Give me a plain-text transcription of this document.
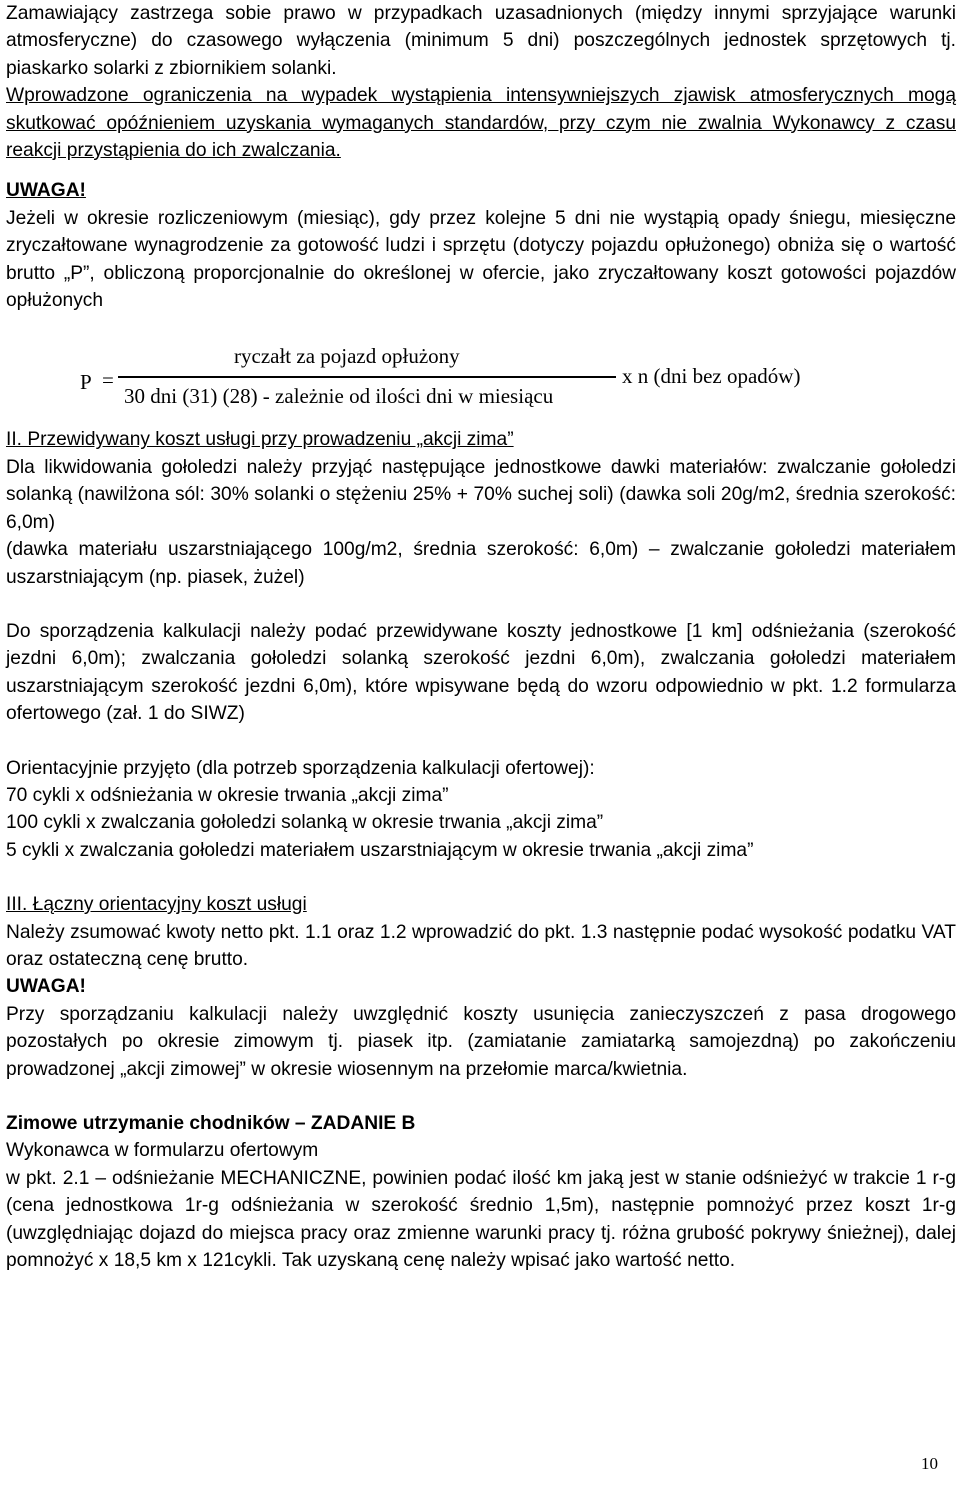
Zamawiający zastrzega sobie prawo w przypadkach uzasadnionych (między innymi sprzyjające warunki atmosferyczne) do czasowego wyłączenia (minimum 5 dni) poszczególnych jednostek sprzętowych tj. piaskarko solarki z zbiornikiem solanki.

Wprowadzone ograniczenia na wypadek wystąpienia intensywniejszych zjawisk atmosferycznych mogą skutkować opóźnieniem uzyskania wymaganych standardów, przy czym nie zwalnia Wykonawcy z czasu reakcji przystąpienia do ich zwalczania.

UWAGA!

Jeżeli w okresie rozliczeniowym (miesiąc), gdy przez kolejne 5 dni nie wystąpią opady śniegu, miesięczne zryczałtowane wynagrodzenie za gotowość ludzi i sprzętu (dotyczy pojazdu opłużonego) obniża się o wartość brutto „P”, obliczoną proporcjonalnie do określonej w ofercie, jako zryczałtowany koszt gotowości pojazdów opłużonych

P =
ryczałt za pojazd opłużony
30 dni (31) (28) - zależnie od ilości dni w miesiącu
x n (dni bez opadów)

II. Przewidywany koszt usługi przy prowadzeniu „akcji zima”

Dla likwidowania gołoledzi należy przyjąć następujące jednostkowe dawki materiałów: zwalczanie gołoledzi solanką (nawilżona sól: 30% solanki o stężeniu 25% + 70% suchej soli) (dawka soli 20g/m2, średnia szerokość: 6,0m)

(dawka materiału uszarstniającego 100g/m2, średnia szerokość: 6,0m) – zwalczanie gołoledzi materiałem uszarstniającym (np. piasek, żużel)

Do sporządzenia kalkulacji należy podać przewidywane koszty jednostkowe [1 km] odśnieżania (szerokość jezdni 6,0m); zwalczania gołoledzi solanką szerokość jezdni 6,0m), zwalczania gołoledzi materiałem uszarstniającym szerokość jezdni 6,0m), które wpisywane będą do wzoru odpowiednio w pkt. 1.2 formularza ofertowego (zał. 1 do SIWZ)

Orientacyjnie przyjęto (dla potrzeb sporządzenia kalkulacji ofertowej):

70 cykli x odśnieżania w okresie trwania „akcji zima”

100 cykli x zwalczania gołoledzi solanką w okresie trwania „akcji zima”

5 cykli x zwalczania gołoledzi materiałem uszarstniającym w okresie trwania „akcji zima”

III. Łączny orientacyjny koszt usługi

Należy zsumować kwoty netto pkt. 1.1 oraz 1.2 wprowadzić do pkt. 1.3 następnie podać wysokość podatku VAT oraz ostateczną cenę brutto.

UWAGA!

Przy sporządzaniu kalkulacji należy uwzględnić koszty usunięcia zanieczyszczeń z pasa drogowego pozostałych po okresie zimowym tj. piasek itp. (zamiatanie zamiatarką samojezdną) po zakończeniu prowadzonej „akcji zimowej” w okresie wiosennym na przełomie marca/kwietnia.

Zimowe utrzymanie chodników – ZADANIE B

Wykonawca w formularzu ofertowym

w pkt. 2.1 – odśnieżanie MECHANICZNE, powinien podać ilość km jaką jest w stanie odśnieżyć w trakcie 1 r-g (cena jednostkowa 1r-g odśnieżania w szerokość średnio 1,5m), następnie pomnożyć przez koszt 1r-g (uwzględniając dojazd do miejsca pracy oraz zmienne warunki pracy tj. różna grubość pokrywy śnieżnej), dalej pomnożyć x 18,5 km x 121cykli. Tak uzyskaną cenę należy wpisać jako wartość netto.

10
